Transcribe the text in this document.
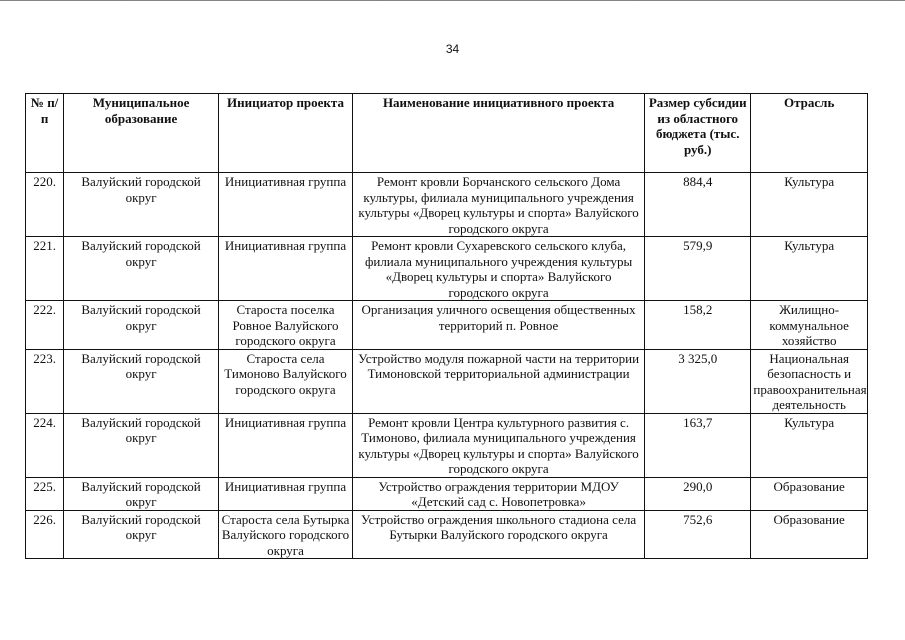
34
№ п/п	Муниципальное образование	Инициатор проекта	Наименование инициативного проекта	Размер субсидии из областного бюджета (тыс. руб.)	Отрасль
220.	Валуйский городской округ	Инициативная группа	Ремонт кровли Борчанского сельского Дома культуры, филиала муниципального учреждения культуры «Дворец культуры и спорта» Валуйского городского округа	884,4	Культура
221.	Валуйский городской округ	Инициативная группа	Ремонт кровли Сухаревского сельского клуба, филиала муниципального учреждения культуры «Дворец культуры и спорта» Валуйского городского округа	579,9	Культура
222.	Валуйский городской округ	Староста поселка Ровное Валуйского городского округа	Организация уличного освещения общественных территорий п. Ровное	158,2	Жилищно-коммунальное хозяйство
223.	Валуйский городской округ	Староста села Тимоново Валуйского городского округа	Устройство модуля пожарной части на территории Тимоновской территориальной администрации	3 325,0	Национальная безопасность и правоохранительная деятельность
224.	Валуйский городской округ	Инициативная группа	Ремонт кровли Центра культурного развития с. Тимоново, филиала муниципального учреждения культуры «Дворец культуры и спорта» Валуйского городского округа	163,7	Культура
225.	Валуйский городской округ	Инициативная группа	Устройство ограждения территории МДОУ «Детский сад с. Новопетровка»	290,0	Образование
226.	Валуйский городской округ	Староста села Бутырка Валуйского городского округа	Устройство ограждения школьного стадиона села Бутырки Валуйского городского округа	752,6	Образование
